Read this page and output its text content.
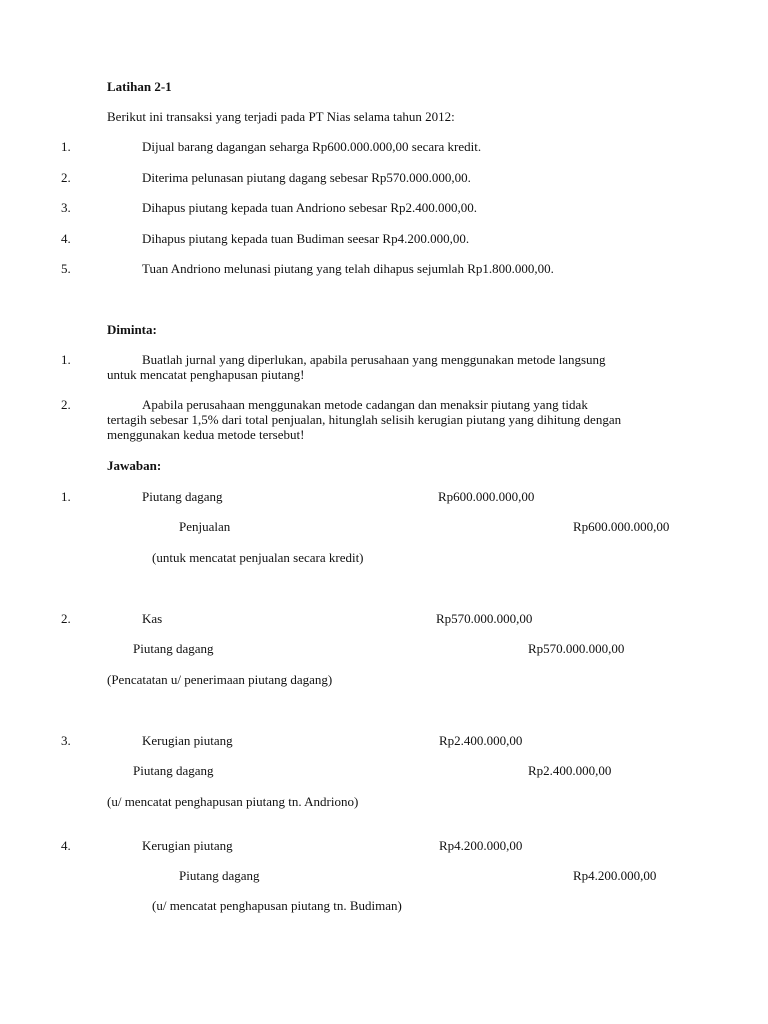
Latihan 2-1
Berikut ini transaksi yang terjadi pada PT Nias selama tahun 2012:
1.	Dijual barang dagangan seharga Rp600.000.000,00 secara kredit.
2.	Diterima pelunasan piutang dagang sebesar Rp570.000.000,00.
3.	Dihapus piutang kepada tuan Andriono sebesar Rp2.400.000,00.
4.	Dihapus piutang kepada tuan Budiman seesar Rp4.200.000,00.
5.	Tuan Andriono melunasi piutang yang telah dihapus sejumlah Rp1.800.000,00.
Diminta:
1.	Buatlah jurnal yang diperlukan, apabila perusahaan yang menggunakan metode langsung
untuk mencatat penghapusan piutang!
2.	Apabila perusahaan menggunakan metode cadangan dan menaksir piutang yang tidak
tertagih sebesar 1,5% dari total penjualan, hitunglah selisih kerugian piutang yang dihitung dengan menggunakan kedua metode tersebut!
Jawaban:
1.	Piutang dagang	Rp600.000.000,00
Penjualan	Rp600.000.000,00
(untuk mencatat penjualan secara kredit)
2.	Kas	Rp570.000.000,00
Piutang dagang	Rp570.000.000,00
(Pencatatan u/ penerimaan piutang dagang)
3.	Kerugian piutang	Rp2.400.000,00
Piutang dagang	Rp2.400.000,00
(u/ mencatat penghapusan piutang tn. Andriono)
4.	Kerugian piutang	Rp4.200.000,00
Piutang dagang	Rp4.200.000,00
(u/ mencatat penghapusan piutang tn. Budiman)
